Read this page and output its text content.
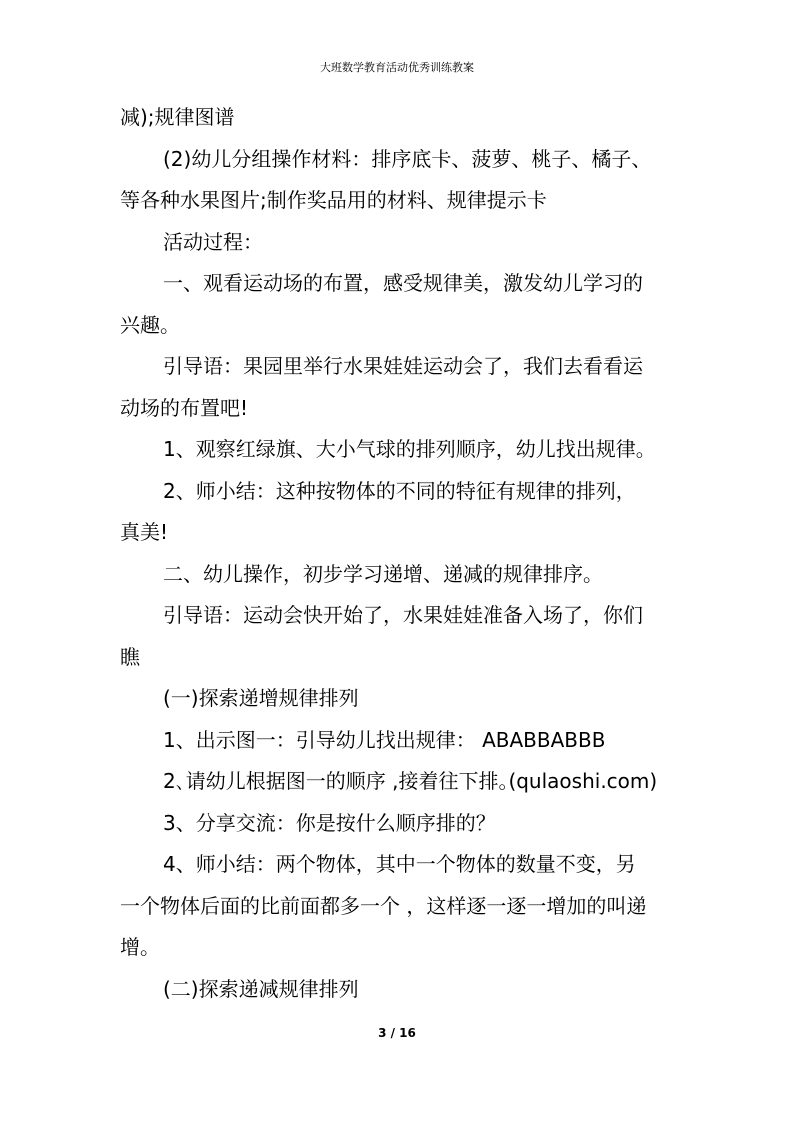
大班数学教育活动优秀训练教案
减);规律图谱
(2)幼儿分组操作材料：排序底卡、菠萝、桃子、橘子、
等各种水果图片;制作奖品用的材料、规律提示卡
活动过程：
一、观看运动场的布置，感受规律美，激发幼儿学习的
兴趣。
引导语：果园里举行水果娃娃运动会了，我们去看看运
动场的布置吧!
1、观察红绿旗、大小气球的排列顺序，幼儿找出规律。
2、师小结：这种按物体的不同的特征有规律的排列，
真美!
二、幼儿操作，初步学习递增、递减的规律排序。
引导语：运动会快开始了，水果娃娃准备入场了，你们
瞧
(一)探索递增规律排列
1、出示图一：引导幼儿找出规律： ABABBABBB
2､请幼儿根据图一的顺序 ,接着往下排｡(qulaoshi.com)
3、分享交流：你是按什么顺序排的？
4、师小结：两个物体，其中一个物体的数量不变，另
一个物体后面的比前面都多一个 ，这样逐一逐一增加的叫递
增。
(二)探索递减规律排列
3 / 16
